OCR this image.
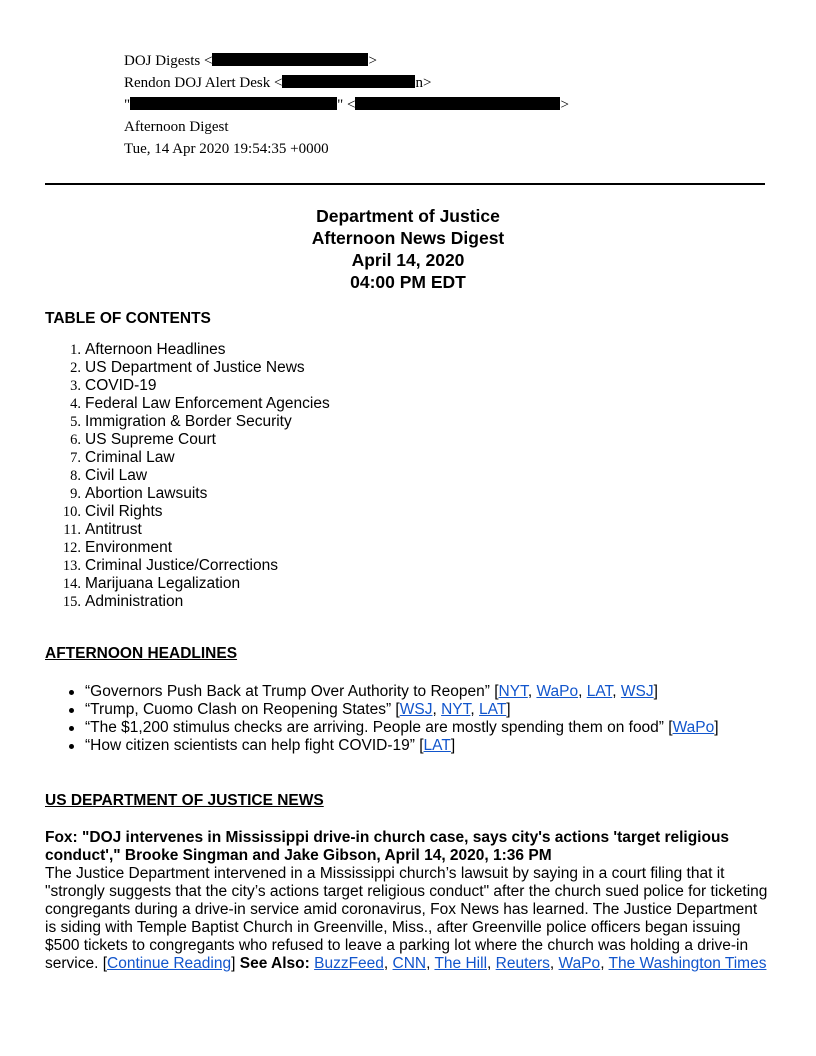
DOJ Digests <	>
Rendon DOJ Alert Desk <	n>
"	" <	>
Afternoon Digest
Tue, 14 Apr 2020 19:54:35 +0000
Department of Justice
Afternoon News Digest
April 14, 2020
04:00 PM EDT
TABLE OF CONTENTS
1. Afternoon Headlines
2. US Department of Justice News
3. COVID-19
4. Federal Law Enforcement Agencies
5. Immigration & Border Security
6. US Supreme Court
7. Criminal Law
8. Civil Law
9. Abortion Lawsuits
10. Civil Rights
11. Antitrust
12. Environment
13. Criminal Justice/Corrections
14. Marijuana Legalization
15. Administration
AFTERNOON HEADLINES
“Governors Push Back at Trump Over Authority to Reopen” [NYT, WaPo, LAT, WSJ]
“Trump, Cuomo Clash on Reopening States” [WSJ, NYT, LAT]
“The $1,200 stimulus checks are arriving. People are mostly spending them on food” [WaPo]
“How citizen scientists can help fight COVID-19” [LAT]
US DEPARTMENT OF JUSTICE NEWS
Fox: "DOJ intervenes in Mississippi drive-in church case, says city's actions 'target religious conduct'," Brooke Singman and Jake Gibson, April 14, 2020, 1:36 PM
The Justice Department intervened in a Mississippi church’s lawsuit by saying in a court filing that it "strongly suggests that the city’s actions target religious conduct" after the church sued police for ticketing congregants during a drive-in service amid coronavirus, Fox News has learned. The Justice Department is siding with Temple Baptist Church in Greenville, Miss., after Greenville police officers began issuing $500 tickets to congregants who refused to leave a parking lot where the church was holding a drive-in service. [Continue Reading] See Also: BuzzFeed, CNN, The Hill, Reuters, WaPo, The Washington Times
